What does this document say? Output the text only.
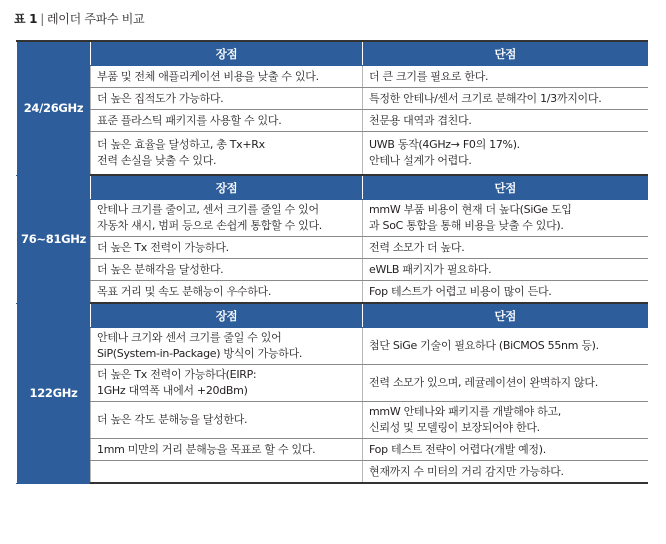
표 1 | 레이더 주파수 비교
24/26GHz	장점	단점

	부품 및 전체 애플리케이션 비용을 낮출 수 있다.	더 큰 크기를 필요로 한다.

	더 높은 집적도가 가능하다.	특정한 안테나/센서 크기로 분해각이 1/3까지이다.

	표준 플라스틱 패키지를 사용할 수 있다.	천문용 대역과 겹친다.

	더 높은 효율을 달성하고, 총 Tx+Rx
전력 손실을 낮출 수 있다.	UWB 동작(4GHz→ F0의 17%).
안테나 설계가 어렵다.

76~81GHz	장점	단점

	안테나 크기를 줄이고, 센서 크기를 줄일 수 있어
자동차 섀시, 범퍼 등으로 손쉽게 통합할 수 있다.	mmW 부품 비용이 현재 더 높다(SiGe 도입
과 SoC 통합을 통해 비용을 낮출 수 있다).

	더 높은 Tx 전력이 가능하다.	전력 소모가 더 높다.

	더 높은 분해각을 달성한다.	eWLB 패키지가 필요하다.

	목표 거리 및 속도 분해능이 우수하다.	Fop 테스트가 어렵고 비용이 많이 든다.

122GHz	장점	단점

	안테나 크기와 센서 크기를 줄일 수 있어
SiP(System-in-Package) 방식이 가능하다.	첨단 SiGe 기술이 필요하다 (BiCMOS 55nm 등).

	더 높은 Tx 전력이 가능하다(EIRP:
1GHz 대역폭 내에서 +20dBm)	전력 소모가 있으며, 레귤레이션이 완벽하지 않다.

	더 높은 각도 분해능을 달성한다.	mmW 안테나와 패키지를 개발해야 하고,
신뢰성 및 모델링이 보장되어야 한다.

	1mm 미만의 거리 분해능을 목표로 할 수 있다.	Fop 테스트 전략이 어렵다(개발 예정).

		현재까지 수 미터의 거리 감지만 가능하다.
